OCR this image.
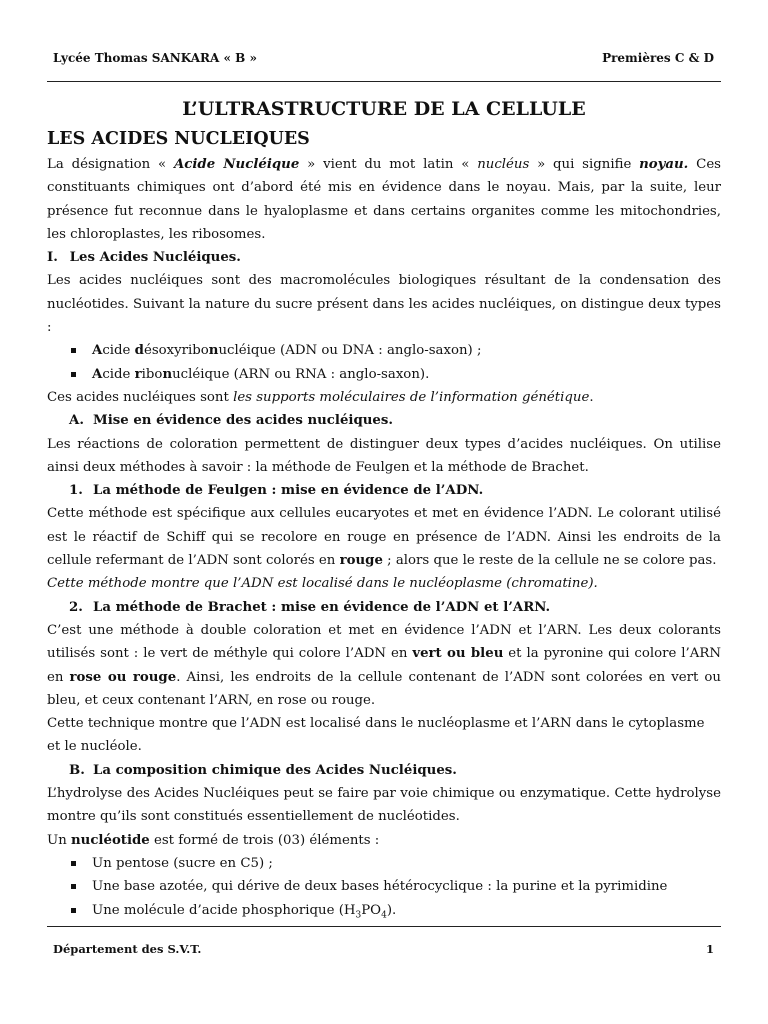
Lycée Thomas SANKARA « B »	Premières C & D
L’ULTRASTRUCTURE DE LA CELLULE
LES ACIDES NUCLEIQUES

La désignation « Acide Nucléique » vient du mot latin « nucléus » qui signifie noyau. Ces constituants chimiques ont d’abord été mis en évidence dans le noyau. Mais, par la suite, leur présence fut reconnue dans le hyaloplasme et dans certains organites comme les mitochondries, les chloroplastes, les ribosomes.

I. Les Acides Nucléiques.

Les acides nucléiques sont des macromolécules biologiques résultant de la condensation des nucléotides. Suivant la nature du sucre présent dans les acides nucléiques, on distingue deux types :

Acide désoxyribonucléique (ADN ou DNA : anglo-saxon) ;
Acide ribonucléique (ARN ou RNA : anglo-saxon).

Ces acides nucléiques sont les supports moléculaires de l’information génétique.

A. Mise en évidence des acides nucléiques.

Les réactions de coloration permettent de distinguer deux types d’acides nucléiques. On utilise ainsi deux méthodes à savoir : la méthode de Feulgen et la méthode de Brachet.

1. La méthode de Feulgen : mise en évidence de l’ADN.

Cette méthode est spécifique aux cellules eucaryotes et met en évidence l’ADN. Le colorant utilisé est le réactif de Schiff qui se recolore en rouge en présence de l’ADN. Ainsi les endroits de la cellule refermant de l’ADN sont colorés en rouge ; alors que le reste de la cellule ne se colore pas.

Cette méthode montre que l’ADN est localisé dans le nucléoplasme (chromatine).

2. La méthode de Brachet : mise en évidence de l’ADN et l’ARN.

C’est une méthode à double coloration et met en évidence l’ADN et l’ARN. Les deux colorants utilisés sont : le vert de méthyle qui colore l’ADN en vert ou bleu et la pyronine qui colore l’ARN en rose ou rouge. Ainsi, les endroits de la cellule contenant de l’ADN sont colorées en vert ou bleu, et ceux contenant l’ARN, en rose ou rouge.

Cette technique montre que l’ADN est localisé dans le nucléoplasme et l’ARN dans le cytoplasme et le nucléole.

B. La composition chimique des Acides Nucléiques.

L’hydrolyse des Acides Nucléiques peut se faire par voie chimique ou enzymatique. Cette hydrolyse montre qu’ils sont constitués essentiellement de nucléotides.

Un nucléotide est formé de trois (03) éléments :

Un pentose (sucre en C5) ;
Une base azotée, qui dérive de deux bases hétérocyclique : la purine et la pyrimidine
Une molécule d’acide phosphorique $(H_3PO_4)$.
Département des S.V.T.	1
